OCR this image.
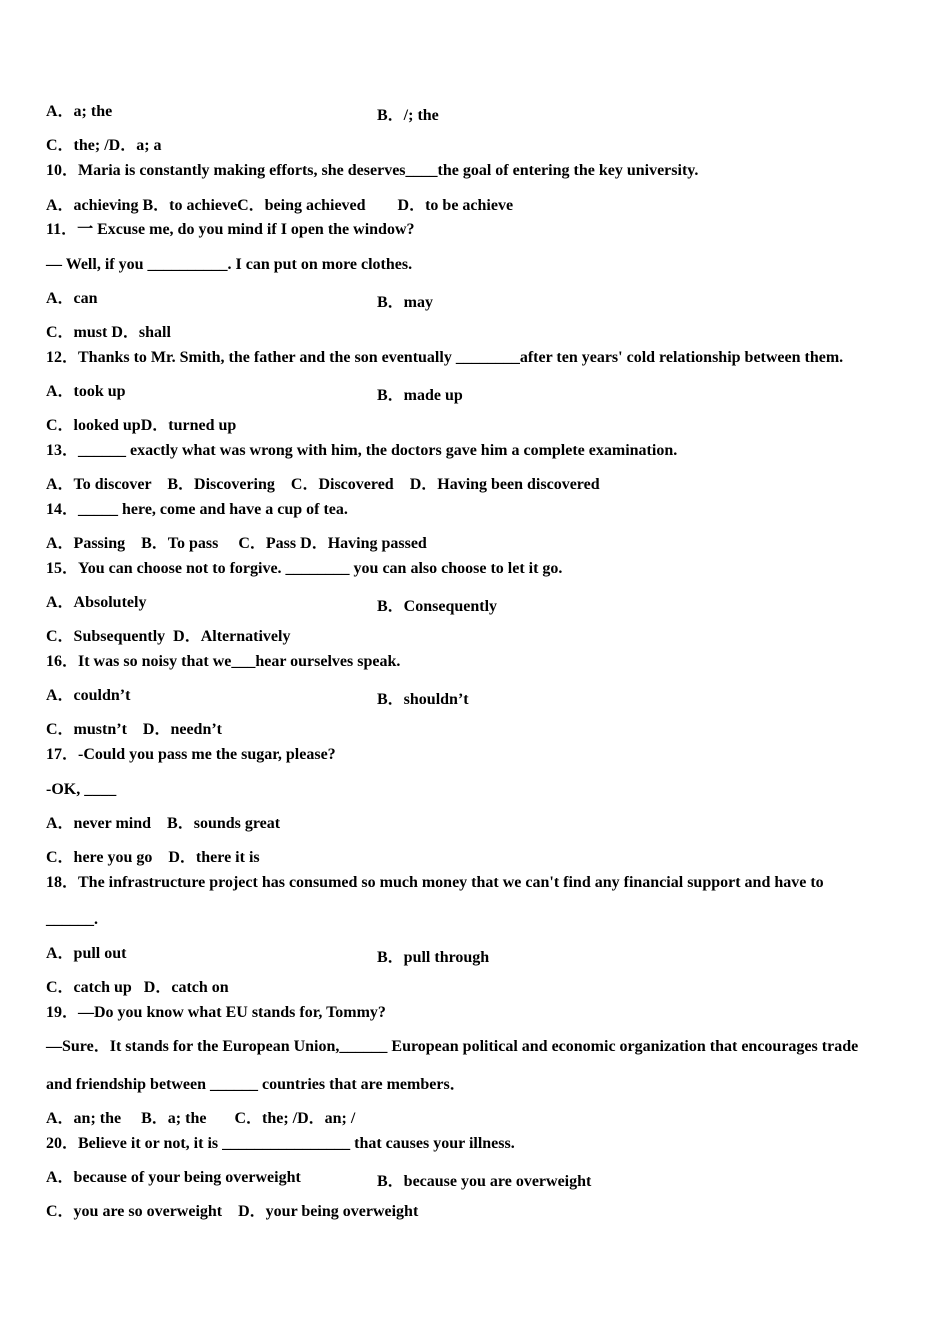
A．a; the	B．/; the
C．the; /D．a; a
10．Maria is constantly making efforts, she deserves____the goal of entering the key university.
A．achieving B．to achieveC．being achieved        D．to be achieve
11．一 Excuse me, do you mind if I open the window?
— Well, if you __________. I can put on more clothes.
A．can	B．may
C．must D．shall
12．Thanks to Mr. Smith, the father and the son eventually ________after ten years' cold relationship between them.
A．took up	B．made up
C．looked upD．turned up
13．______ exactly what was wrong with him, the doctors gave him a complete examination.
A．To discover    B．Discovering    C．Discovered    D．Having been discovered
14．_____ here, come and have a cup of tea.
A．Passing    B．To pass     C．Pass D．Having passed
15．You can choose not to forgive. ________ you can also choose to let it go.
A．Absolutely	B．Consequently
C．Subsequently  D．Alternatively
16．It was so noisy that we___hear ourselves speak.
A．couldn’t	B．shouldn’t
C．mustn’t    D．needn’t
17．-Could you pass me the sugar, please?
-OK, ____
A．never mind    B．sounds great
C．here you go    D．there it is
18．The infrastructure project has consumed so much money that we can't find any financial support and have to
______.
A．pull out	B．pull through
C．catch up   D．catch on
19．—Do you know what EU stands for, Tommy?
—Sure．It stands for the European Union,______ European political and economic organization that encourages trade
and friendship between ______ countries that are members．
A．an; the     B．a; the       C．the; /D．an; /
20．Believe it or not, it is ________________ that causes your illness.
A．because of your being overweight	B．because you are overweight
C．you are so overweight    D．your being overweight
